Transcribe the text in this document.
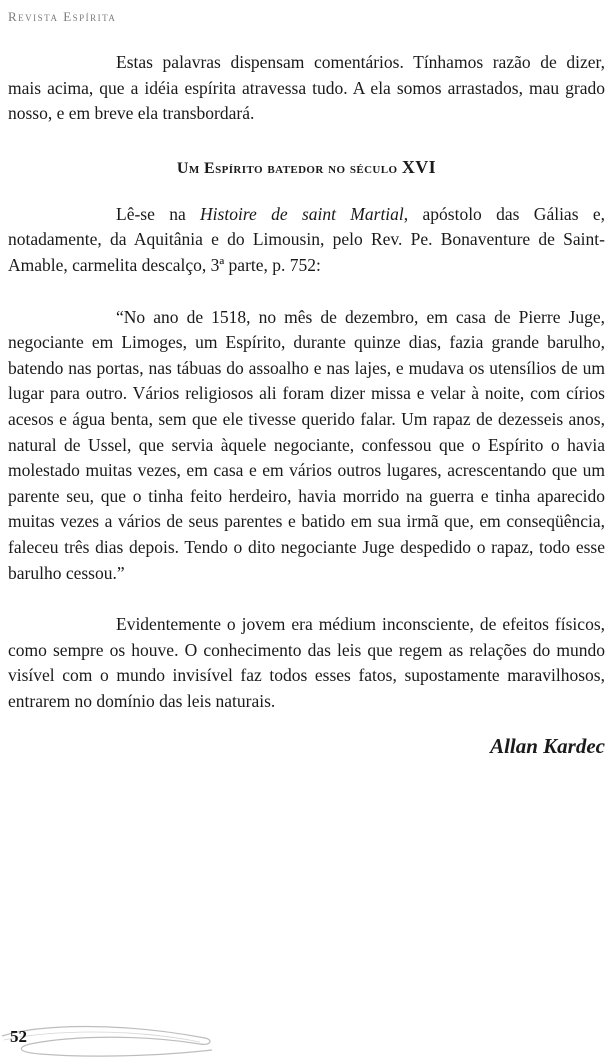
Revista Espírita

Estas palavras dispensam comentários. Tínhamos razão de dizer, mais acima, que a idéia espírita atravessa tudo. A ela somos arrastados, mau grado nosso, e em breve ela transbordará.

Um Espírito batedor no século XVI

Lê-se na Histoire de saint Martial, apóstolo das Gálias e, notadamente, da Aquitânia e do Limousin, pelo Rev. Pe. Bonaventure de Saint-Amable, carmelita descalço, 3ª parte, p. 752:

“No ano de 1518, no mês de dezembro, em casa de Pierre Juge, negociante em Limoges, um Espírito, durante quinze dias, fazia grande barulho, batendo nas portas, nas tábuas do assoalho e nas lajes, e mudava os utensílios de um lugar para outro. Vários religiosos ali foram dizer missa e velar à noite, com círios acesos e água benta, sem que ele tivesse querido falar. Um rapaz de dezesseis anos, natural de Ussel, que servia àquele negociante, confessou que o Espírito o havia molestado muitas vezes, em casa e em vários outros lugares, acrescentando que um parente seu, que o tinha feito herdeiro, havia morrido na guerra e tinha aparecido muitas vezes a vários de seus parentes e batido em sua irmã que, em conseqüência, faleceu três dias depois. Tendo o dito negociante Juge despedido o rapaz, todo esse barulho cessou.”

Evidentemente o jovem era médium inconsciente, de efeitos físicos, como sempre os houve. O conhecimento das leis que regem as relações do mundo visível com o mundo invisível faz todos esses fatos, supostamente maravilhosos, entrarem no domínio das leis naturais.

Allan Kardec
52
